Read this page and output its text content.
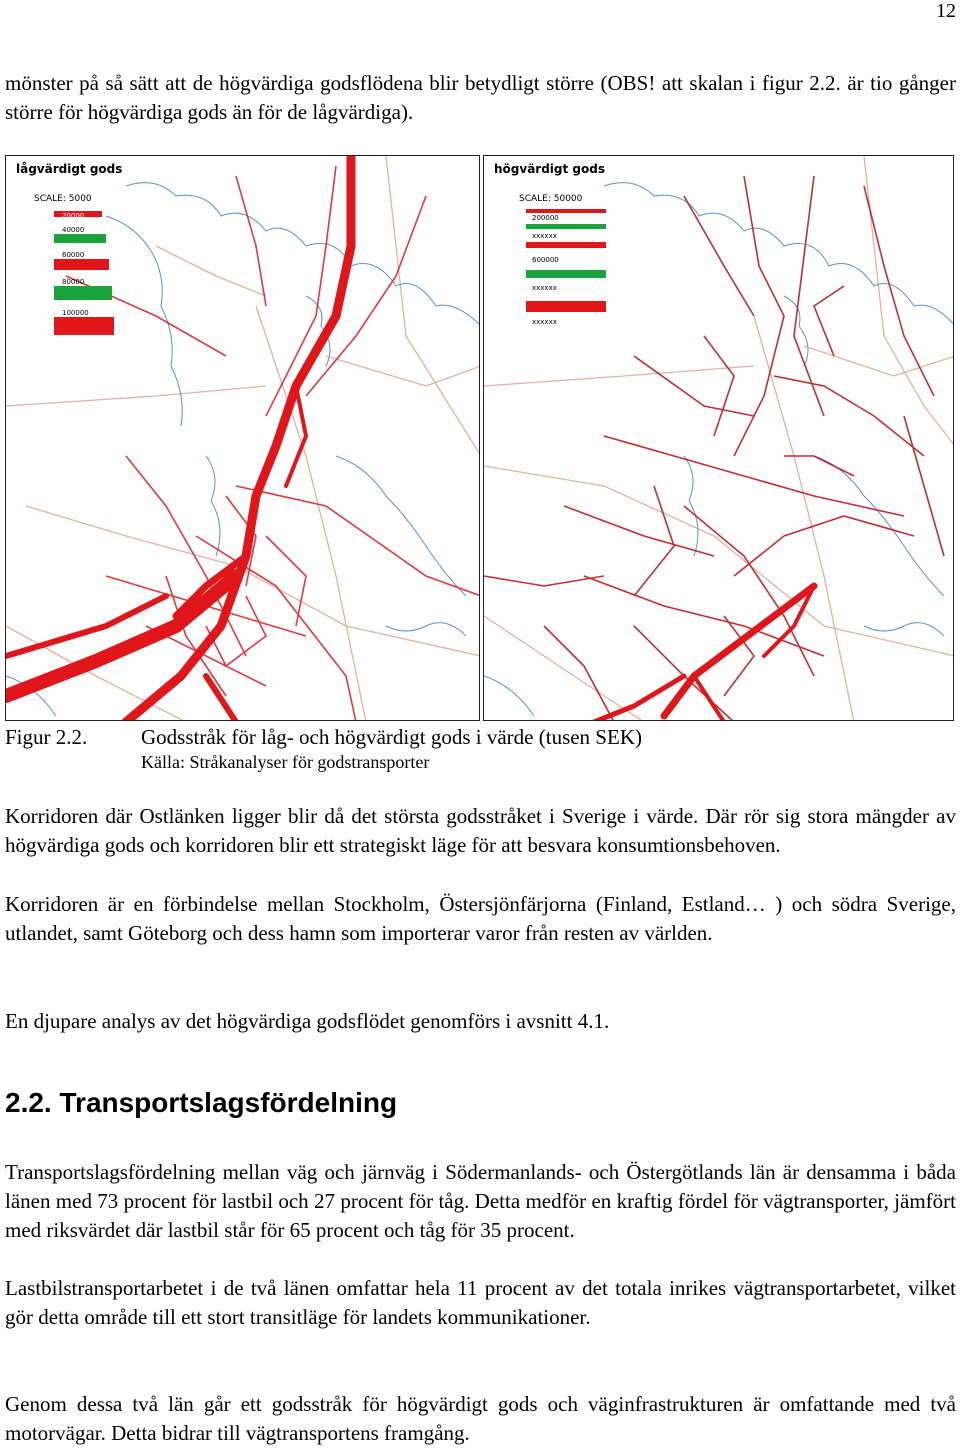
12

mönster på så sätt att de högvärdiga godsflödena blir betydligt större (OBS! att skalan i figur 2.2. är tio gånger större för högvärdiga gods än för de lågvärdiga).

lågvärdigt gods
SCALE: 5000
20000
40000
60000
80000
100000
högvärdigt gods
SCALE: 50000
200000
xxxxxx
600000
xxxxxx
xxxxxx
Figur 2.2.	Godsstråk för låg- och högvärdigt gods i värde (tusen SEK)
Källa: Stråkanalyser för godstransporter

Korridoren där Ostlänken ligger blir då det största godsstråket i Sverige i värde. Där rör sig stora mängder av högvärdiga gods och korridoren blir ett strategiskt läge för att besvara konsumtionsbehoven.

Korridoren är en förbindelse mellan Stockholm, Östersjönfärjorna (Finland, Estland… ) och södra Sverige, utlandet, samt Göteborg och dess hamn som importerar varor från resten av världen.

En djupare analys av det högvärdiga godsflödet genomförs i avsnitt 4.1.

2.2. Transportslagsfördelning

Transportslagsfördelning mellan väg och järnväg i Södermanlands- och Östergötlands län är densamma i båda länen med 73 procent för lastbil och 27 procent för tåg. Detta medför en kraftig fördel för vägtransporter, jämfört med riksvärdet där lastbil står för 65 procent och tåg för 35 procent.

Lastbilstransportarbetet i de två länen omfattar hela 11 procent av det totala inrikes vägtransportarbetet, vilket gör detta område till ett stort transitläge för landets kommunikationer.

Genom dessa två län går ett godsstråk för högvärdigt gods och väginfrastrukturen är omfattande med två motorvägar. Detta bidrar till vägtransportens framgång.
